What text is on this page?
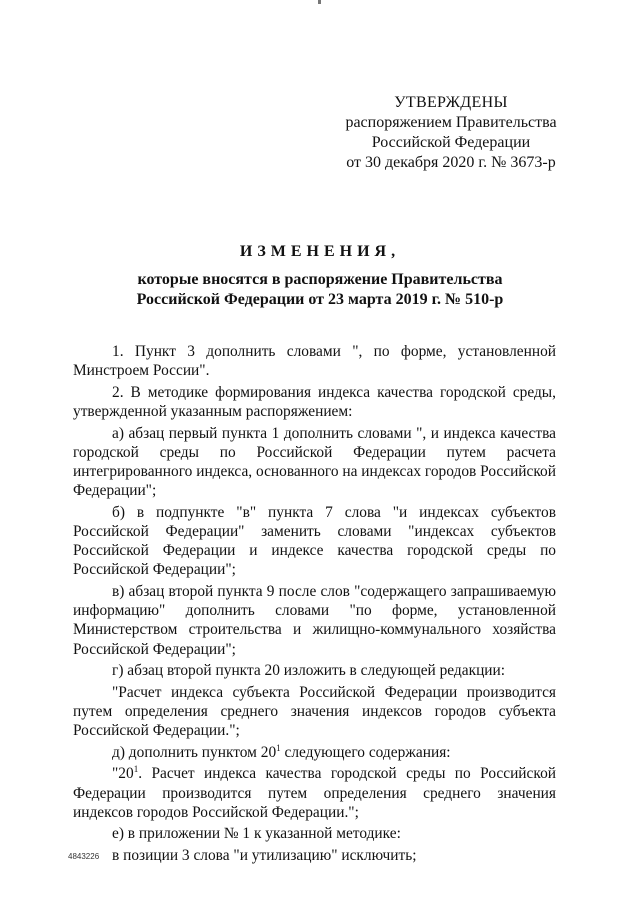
УТВЕРЖДЕНЫ
распоряжением Правительства
Российской Федерации
от 30 декабря 2020 г. № 3673-р
ИЗМЕНЕНИЯ,
которые вносятся в распоряжение Правительства
Российской Федерации от 23 марта 2019 г. № 510-р

1. Пункт 3 дополнить словами ", по форме, установленной Минстроем России".

2. В методике формирования индекса качества городской среды, утвержденной указанным распоряжением:

а) абзац первый пункта 1 дополнить словами ", и индекса качества городской среды по Российской Федерации путем расчета интегрированного индекса, основанного на индексах городов Российской Федерации";

б) в подпункте "в" пункта 7 слова "и индексах субъектов Российской Федерации" заменить словами "индексах субъектов Российской Федерации и индексе качества городской среды по Российской Федерации";

в) абзац второй пункта 9 после слов "содержащего запрашиваемую информацию" дополнить словами "по форме, установленной Министерством строительства и жилищно-коммунального хозяйства Российской Федерации";

г) абзац второй пункта 20 изложить в следующей редакции:

"Расчет индекса субъекта Российской Федерации производится путем определения среднего значения индексов городов субъекта Российской Федерации.";

д) дополнить пунктом $20^1$ следующего содержания:

"$20^1$. Расчет индекса качества городской среды по Российской Федерации производится путем определения среднего значения индексов городов Российской Федерации.";

е) в приложении № 1 к указанной методике:

в позиции 3 слова "и утилизацию" исключить;

4843226
